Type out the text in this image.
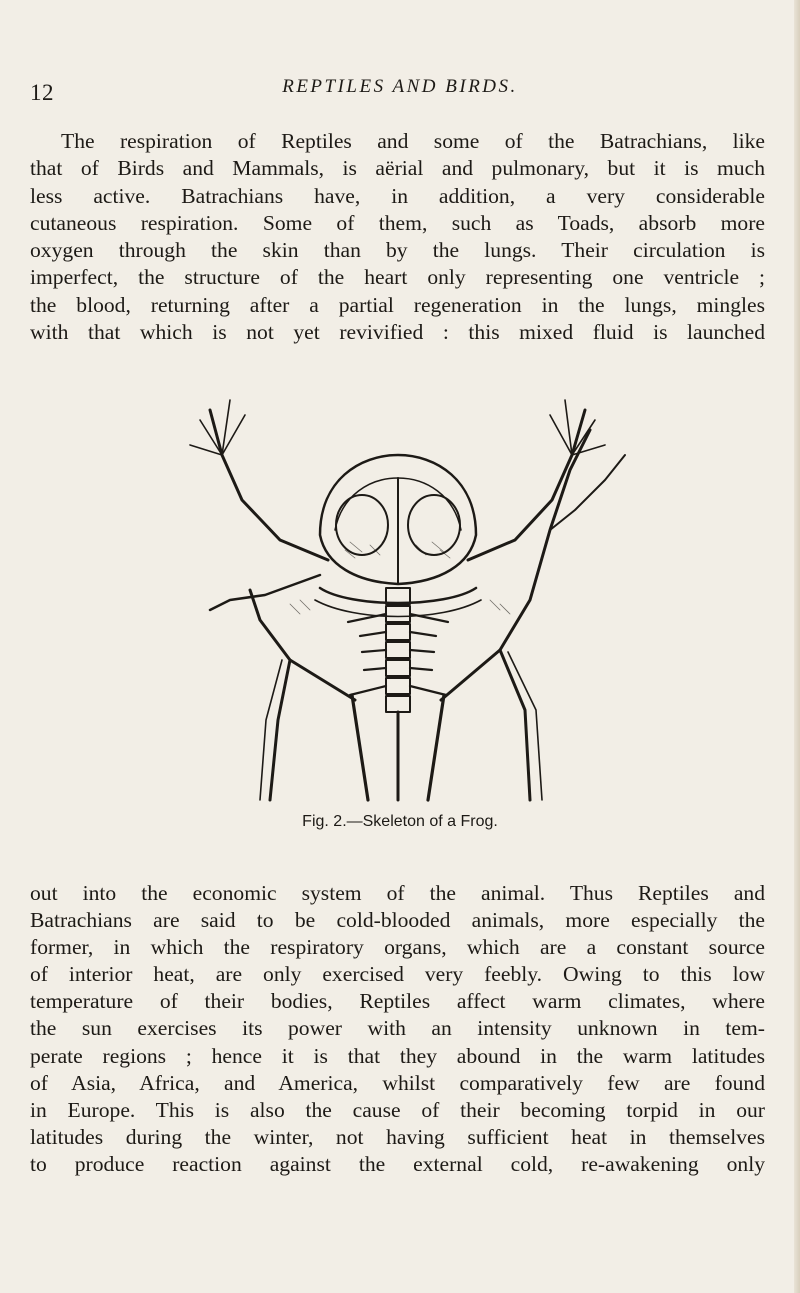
12	REPTILES AND BIRDS.
The respiration of Reptiles and some of the Batrachians, like
that of Birds and Mammals, is aërial and pulmonary, but it is much
less active. Batrachians have, in addition, a very considerable
cutaneous respiration. Some of them, such as Toads, absorb more
oxygen through the skin than by the lungs. Their circulation is
imperfect, the structure of the heart only representing one ventricle ;
the blood, returning after a partial regeneration in the lungs, mingles
with that which is not yet revivified : this mixed fluid is launched
Fig. 2.—Skeleton of a Frog.
out into the economic system of the animal. Thus Reptiles and
Batrachians are said to be cold-blooded animals, more especially the
former, in which the respiratory organs, which are a constant source
of interior heat, are only exercised very feebly. Owing to this low
temperature of their bodies, Reptiles affect warm climates, where
the sun exercises its power with an intensity unknown in tem-
perate regions ; hence it is that they abound in the warm latitudes
of Asia, Africa, and America, whilst comparatively few are found
in Europe. This is also the cause of their becoming torpid in our
latitudes during the winter, not having sufficient heat in themselves
to produce reaction against the external cold, re-awakening only
